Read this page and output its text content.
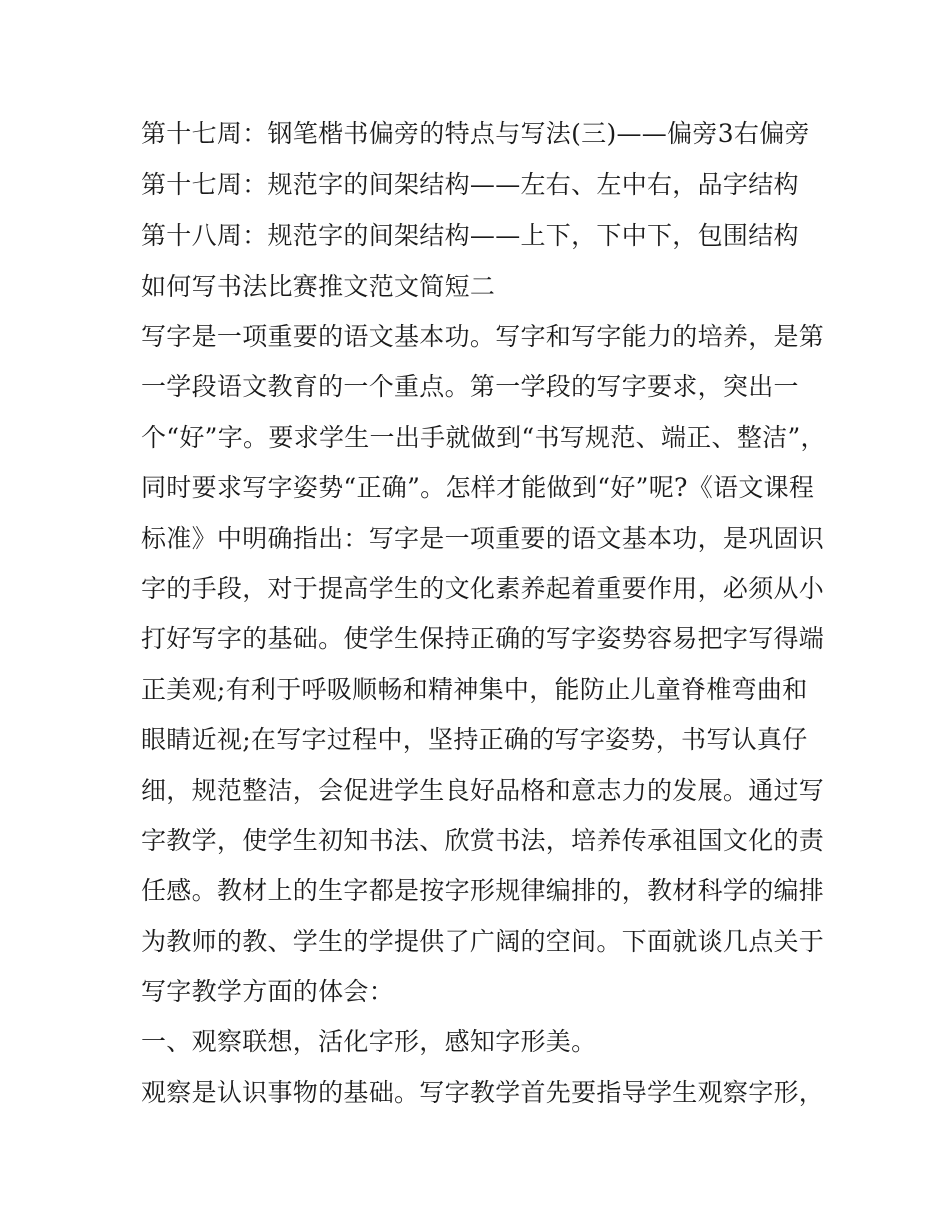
第十七周：钢笔楷书偏旁的特点与写法(三)——偏旁3右偏旁
第十七周：规范字的间架结构——左右、左中右，品字结构
第十八周：规范字的间架结构——上下，下中下，包围结构
如何写书法比赛推文范文简短二
写字是一项重要的语文基本功。写字和写字能力的培养，是第
一学段语文教育的一个重点。第一学段的写字要求，突出一
个“好”字。要求学生一出手就做到“书写规范、端正、整洁”，
同时要求写字姿势“正确”。怎样才能做到“好”呢?《语文课程
标准》中明确指出：写字是一项重要的语文基本功，是巩固识
字的手段，对于提高学生的文化素养起着重要作用，必须从小
打好写字的基础。使学生保持正确的写字姿势容易把字写得端
正美观;有利于呼吸顺畅和精神集中，能防止儿童脊椎弯曲和
眼睛近视;在写字过程中，坚持正确的写字姿势，书写认真仔
细，规范整洁，会促进学生良好品格和意志力的发展。通过写
字教学，使学生初知书法、欣赏书法，培养传承祖国文化的责
任感。教材上的生字都是按字形规律编排的，教材科学的编排
为教师的教、学生的学提供了广阔的空间。下面就谈几点关于
写字教学方面的体会：
一、观察联想，活化字形，感知字形美。
观察是认识事物的基础。写字教学首先要指导学生观察字形，
